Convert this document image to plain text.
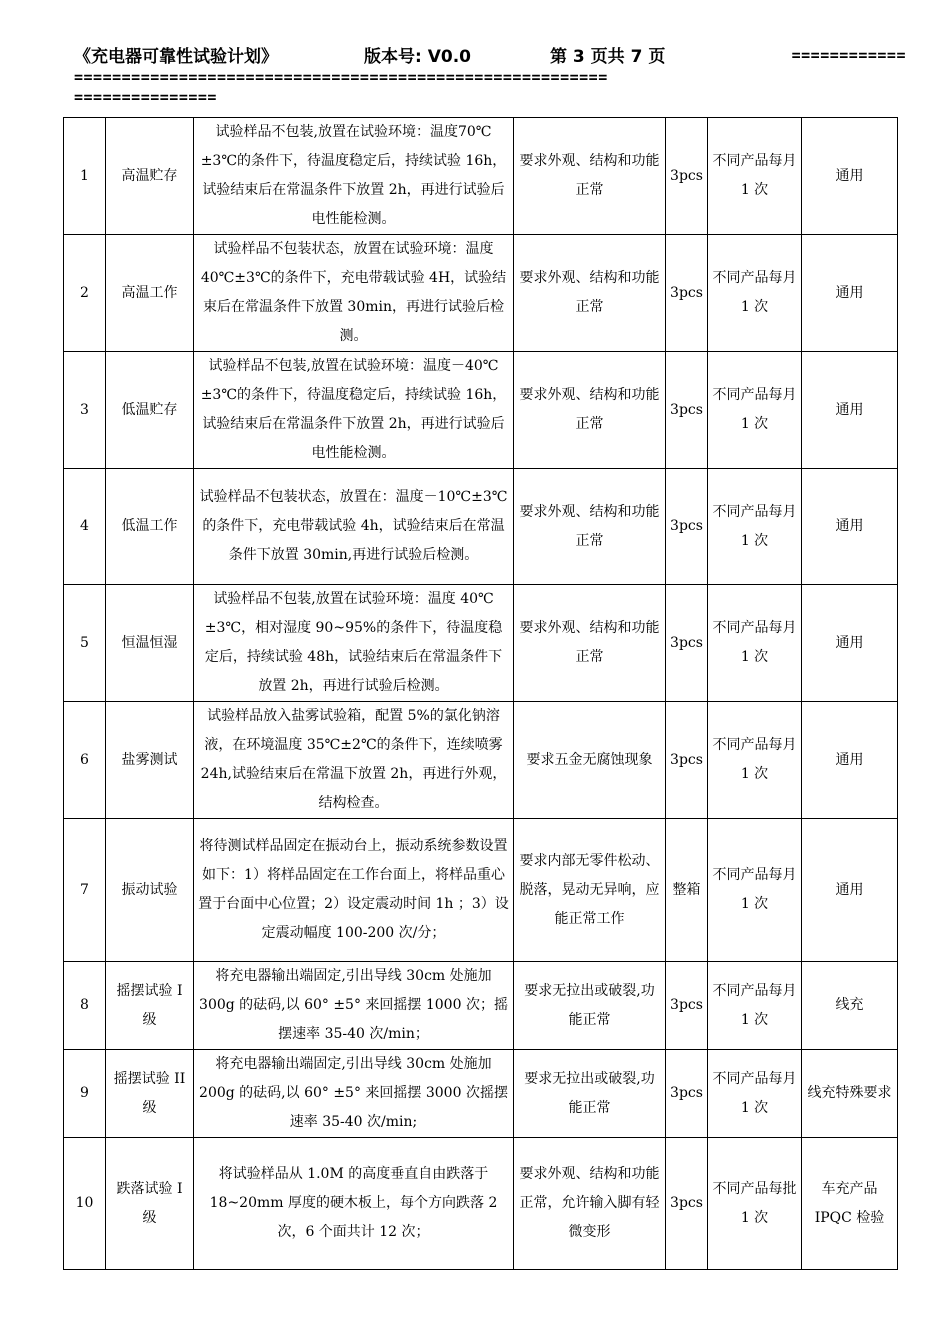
《充电器可靠性试验计划》	版本号: V0.0	第 3 页共 7 页	============
========================================================
===============
1	高温贮存	试验样品不包装,放置在试验环境：温度70℃±3℃的条件下，待温度稳定后，持续试验 16h，试验结束后在常温条件下放置 2h，再进行试验后电性能检测。	要求外观、结构和功能正常	3pcs	不同产品每月 1 次	通用
2	高温工作	试验样品不包装状态，放置在试验环境：温度 40℃±3℃的条件下，充电带载试验 4H，试验结束后在常温条件下放置 30min，再进行试验后检测。	要求外观、结构和功能正常	3pcs	不同产品每月 1 次	通用
3	低温贮存	试验样品不包装,放置在试验环境：温度－40℃±3℃的条件下，待温度稳定后，持续试验 16h，试验结束后在常温条件下放置 2h，再进行试验后电性能检测。	要求外观、结构和功能正常	3pcs	不同产品每月 1 次	通用
4	低温工作	试验样品不包装状态，放置在：温度－10℃±3℃的条件下，充电带载试验 4h，试验结束后在常温条件下放置 30min,再进行试验后检测。	要求外观、结构和功能正常	3pcs	不同产品每月 1 次	通用
5	恒温恒湿	试验样品不包装,放置在试验环境：温度 40℃±3℃，相对湿度 90~95%的条件下，待温度稳定后，持续试验 48h，试验结束后在常温条件下放置 2h，再进行试验后检测。	要求外观、结构和功能正常	3pcs	不同产品每月 1 次	通用
6	盐雾测试	试验样品放入盐雾试验箱，配置 5%的氯化钠溶液，在环境温度 35℃±2℃的条件下，连续喷雾 24h,试验结束后在常温下放置 2h，再进行外观，结构检查。	要求五金无腐蚀现象	3pcs	不同产品每月 1 次	通用
7	振动试验	将待测试样品固定在振动台上，振动系统参数设置如下：1）将样品固定在工作台面上，将样品重心置于台面中心位置；2）设定震动时间 1h ；3）设定震动幅度 100-200 次/分；	要求内部无零件松动、脱落，晃动无异响，应能正常工作	整箱	不同产品每月 1 次	通用
8	摇摆试验 I 级	将充电器输出端固定,引出导线 30cm 处施加 300g 的砝码,以 60° ±5° 来回摇摆 1000 次；摇摆速率 35-40 次/min；	要求无拉出或破裂,功能正常	3pcs	不同产品每月 1 次	线充
9	摇摆试验 II 级	将充电器输出端固定,引出导线 30cm 处施加 200g 的砝码,以 60° ±5° 来回摇摆 3000 次摇摆速率 35-40 次/min;	要求无拉出或破裂,功能正常	3pcs	不同产品每月 1 次	线充特殊要求
10	跌落试验 I 级	将试验样品从 1.0M 的高度垂直自由跌落于 18~20mm 厚度的硬木板上，每个方向跌落 2 次，6 个面共计 12 次；	要求外观、结构和功能正常，允许输入脚有轻微变形	3pcs	不同产品每批 1 次	车充产品 IPQC 检验
